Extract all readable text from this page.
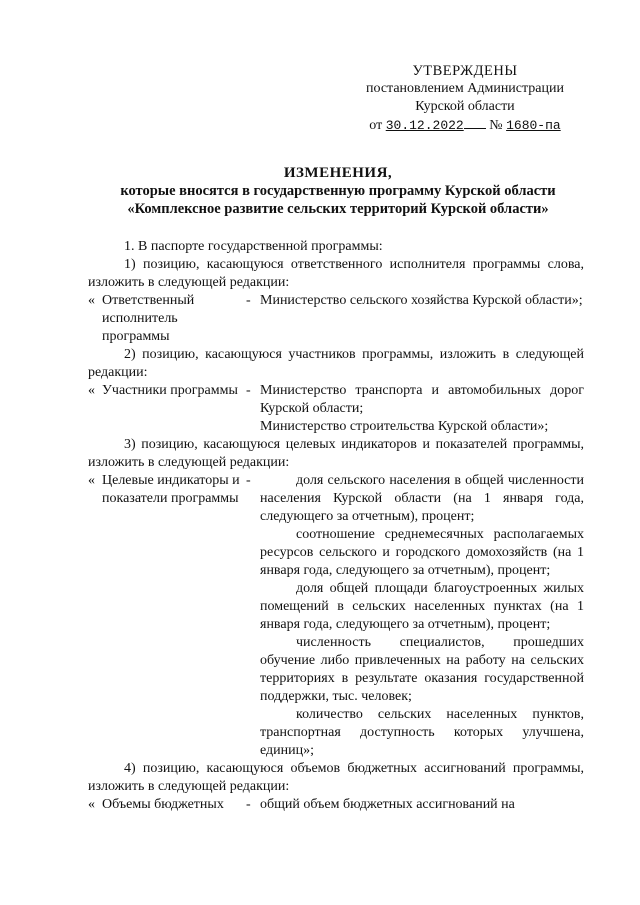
УТВЕРЖДЕНЫ
постановлением Администрации
Курской области
от 30.12.2022 № 1680-па
ИЗМЕНЕНИЯ,
которые вносятся в государственную программу Курской области
«Комплексное развитие сельских территорий Курской области»

1. В паспорте государственной программы:

1) позицию, касающуюся ответственного исполнителя программы слова, изложить в следующей редакции:

« Ответственный исполнитель программы
- Министерство сельского хозяйства Курской области»;

2) позицию, касающуюся участников программы, изложить в следующей редакции:

« Участники программы - Министерство транспорта и автомобильных дорог Курской области;

Министерство строительства Курской области»;

3) позицию, касающуюся целевых индикаторов и показателей программы, изложить в следующей редакции:

« Целевые индикаторы и показатели программы
-	доля сельского населения в общей численности населения Курской области (на 1 января года, следующего за отчетным), процент;

соотношение среднемесячных располагаемых ресурсов сельского и городского домохозяйств (на 1 января года, следующего за отчетным), процент;

доля общей площади благоустроенных жилых помещений в сельских населенных пунктах (на 1 января года, следующего за отчетным), процент;

численность специалистов, прошедших обучение либо привлеченных на работу на сельских территориях в результате оказания государственной поддержки, тыс. человек;

количество сельских населенных пунктов, транспортная доступность которых улучшена, единиц»;

4) позицию, касающуюся объемов бюджетных ассигнований программы, изложить в следующей редакции:

« Объемы бюджетных	- общий объем бюджетных ассигнований на
